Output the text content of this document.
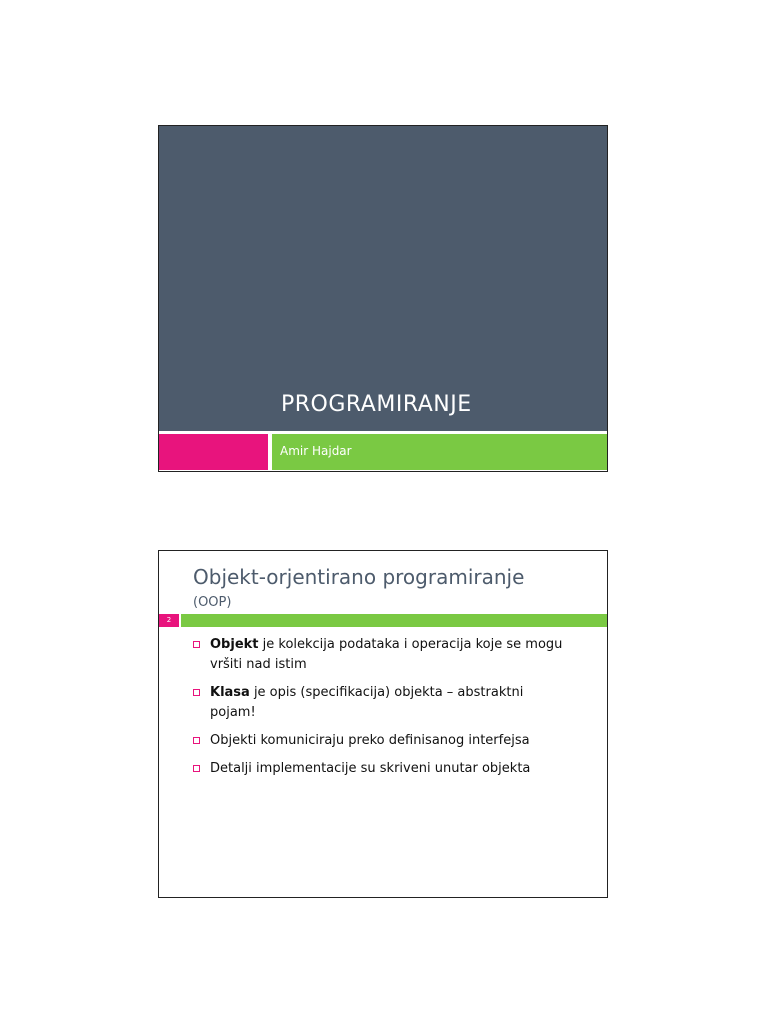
PROGRAMIRANJE
Amir Hajdar
Objekt-orjentirano programiranje
(OOP)
2
Objekt je kolekcija podataka i operacija koje se mogu vršiti nad istim
Klasa je opis (specifikacija) objekta – abstraktni pojam!
Objekti komuniciraju preko definisanog interfejsa
Detalji implementacije su skriveni unutar objekta
